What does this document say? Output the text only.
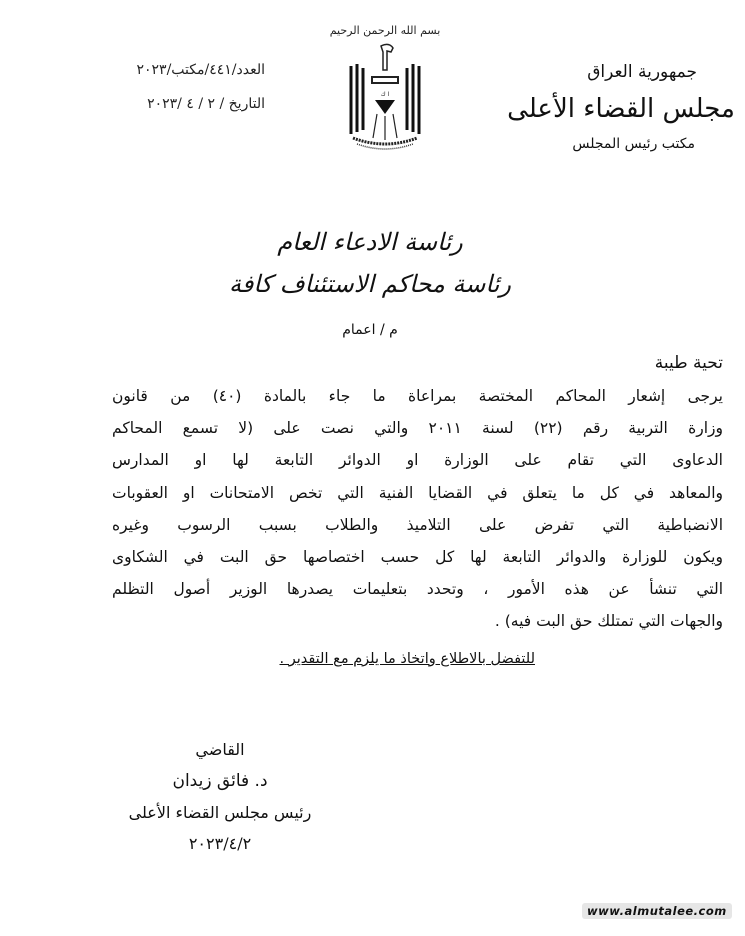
بسم الله الرحمن الرحيم
ا ك
جمهورية العراق
مجلس القضاء الأعلى
مكتب رئيس المجلس
العدد/٤٤١/مكتب/٢٠٢٣
التاريخ / ٢ / ٤ /٢٠٢٣
رئاسة الادعاء العام
رئاسة محاكم الاستئناف كافة
م / اعمام
تحية طيبة
يرجى إشعار المحاكم المختصة بمراعاة ما جاء بالمادة (٤٠) من قانون
وزارة التربية رقم (٢٢) لسنة ٢٠١١ والتي نصت على (لا تسمع المحاكم
الدعاوى التي تقام على الوزارة او الدوائر التابعة لها او المدارس
والمعاهد في كل ما يتعلق في القضايا الفنية التي تخص الامتحانات او العقوبات
الانضباطية التي تفرض على التلاميذ والطلاب بسبب الرسوب وغيره
ويكون للوزارة والدوائر التابعة لها كل حسب اختصاصها حق البت في الشكاوى
التي تنشأ عن هذه الأمور ، وتحدد بتعليمات يصدرها الوزير أصول التظلم
والجهات التي تمتلك حق البت فيه) .
للتفضل بالاطلاع واتخاذ ما يلزم مع التقدير .
القاضي
د. فائق زيدان
رئيس مجلس القضاء الأعلى
٢٠٢٣/٤/٢
www.almutalee.com
